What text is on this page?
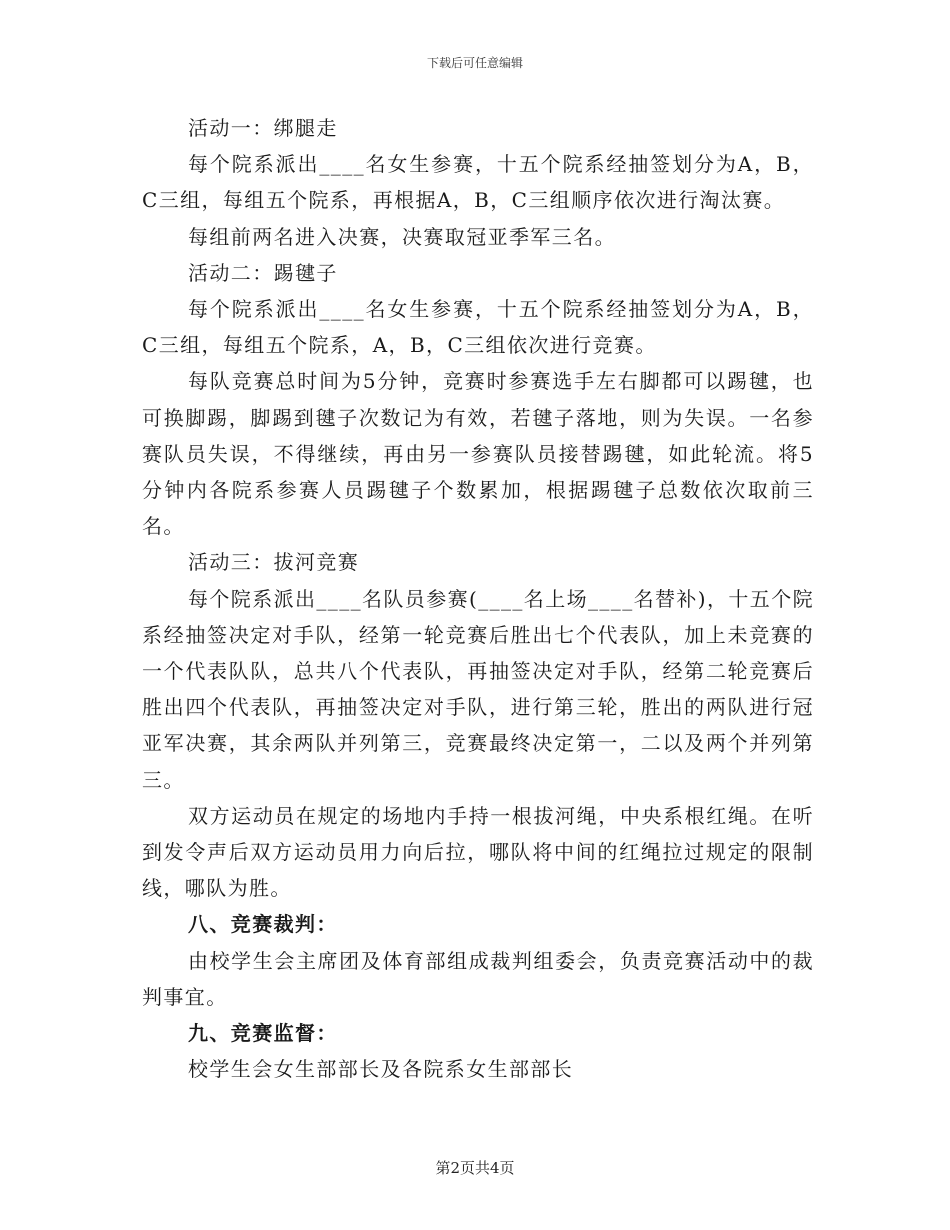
下载后可任意编辑

活动一：绑腿走

每个院系派出____名女生参赛，十五个院系经抽签划分为A，B，C三组，每组五个院系，再根据A，B，C三组顺序依次进行淘汰赛。

每组前两名进入决赛，决赛取冠亚季军三名。

活动二：踢毽子

每个院系派出____名女生参赛，十五个院系经抽签划分为A，B，C三组，每组五个院系，A，B，C三组依次进行竞赛。

每队竞赛总时间为5分钟，竞赛时参赛选手左右脚都可以踢毽，也可换脚踢，脚踢到毽子次数记为有效，若毽子落地，则为失误。一名参赛队员失误，不得继续，再由另一参赛队员接替踢毽，如此轮流。将5分钟内各院系参赛人员踢毽子个数累加，根据踢毽子总数依次取前三名。

活动三：拔河竞赛

每个院系派出____名队员参赛(____名上场____名替补)，十五个院系经抽签决定对手队，经第一轮竞赛后胜出七个代表队，加上未竞赛的一个代表队队，总共八个代表队，再抽签决定对手队，经第二轮竞赛后胜出四个代表队，再抽签决定对手队，进行第三轮，胜出的两队进行冠亚军决赛，其余两队并列第三，竞赛最终决定第一，二以及两个并列第三。

双方运动员在规定的场地内手持一根拔河绳，中央系根红绳。在听到发令声后双方运动员用力向后拉，哪队将中间的红绳拉过规定的限制线，哪队为胜。

八、竞赛裁判：

由校学生会主席团及体育部组成裁判组委会，负责竞赛活动中的裁判事宜。

九、竞赛监督：

校学生会女生部部长及各院系女生部部长

第2页共4页
